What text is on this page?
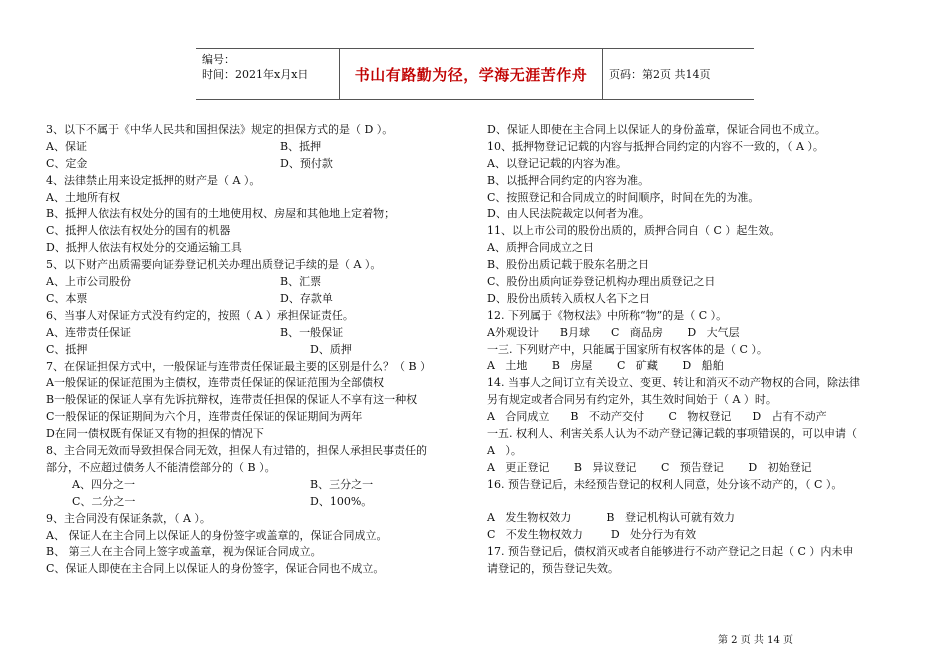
编号：
时间：2021年x月x日	书山有路勤为径，学海无涯苦作舟	页码：第2页 共14页
3、以下不属于《中华人民共和国担保法》规定的担保方式的是（ D ）。
A、保证	B、抵押
C、定金	D、预付款
4、法律禁止用来设定抵押的财产是（ A ）。
A、土地所有权
B、抵押人依法有权处分的国有的土地使用权、房屋和其他地上定着物；
C、抵押人依法有权处分的国有的机器
D、抵押人依法有权处分的交通运输工具
5、以下财产出质需要向证券登记机关办理出质登记手续的是（ A ）。
A、上市公司股份	B、汇票
C、本票	D、存款单
6、当事人对保证方式没有约定的，按照（ A ）承担保证责任。
A、连带责任保证	B、一般保证
C、抵押	D、质押
7、在保证担保方式中，一般保证与连带责任保证最主要的区别是什么？（ B ）
A一般保证的保证范围为主债权，连带责任保证的保证范围为全部债权
B一般保证的保证人享有先诉抗辩权，连带责任担保的保证人不享有这一种权
C一般保证的保证期间为六个月，连带责任保证的保证期间为两年
D在同一债权既有保证又有物的担保的情况下
8、主合同无效而导致担保合同无效，担保人有过错的，担保人承担民事责任的
部分，不应超过债务人不能清偿部分的（ B ）。
A、四分之一	B、三分之一
C、二分之一	D、100%。
9、主合同没有保证条款，（ A ）。
A、 保证人在主合同上以保证人的身份签字或盖章的，保证合同成立。
B、 第三人在主合同上签字或盖章，视为保证合同成立。
C、保证人即使在主合同上以保证人的身份签字，保证合同也不成立。
D、保证人即使在主合同上以保证人的身份盖章，保证合同也不成立。
10、抵押物登记记载的内容与抵押合同约定的内容不一致的，（ A ）。
A、以登记记载的内容为准。
B、以抵押合同约定的内容为准。
C、按照登记和合同成立的时间顺序，时间在先的为准。
D、由人民法院裁定以何者为准。
11、以上市公司的股份出质的，质押合同自（ C ）起生效。
A、质押合同成立之日
B、股份出质记载于股东名册之日
C、股份出质向证券登记机构办理出质登记之日
D、股份出质转入质权人名下之日
12. 下列属于《物权法》中所称“物”的是（ C ）。
A外观设计      B月球      C   商品房       D   大气层
一三. 下列财产中，只能属于国家所有权客体的是（ C ）。
A   土地       B   房屋       C   矿藏       D   船舶
14. 当事人之间订立有关设立、变更、转让和消灭不动产物权的合同，除法律
另有规定或者合同另有约定外，其生效时间始于（ A ）时。
A   合同成立      B   不动产交付       C   物权登记      D   占有不动产
一五. 权利人、利害关系人认为不动产登记簿记载的事项错误的，可以申请（
A   ）。
A   更正登记       B   异议登记       C   预告登记       D   初始登记
16. 预告登记后，未经预告登记的权利人同意，处分该不动产的，（ C ）。
A   发生物权效力          B   登记机构认可就有效力
C   不发生物权效力        D   处分行为有效
17. 预告登记后，债权消灭或者自能够进行不动产登记之日起（ C ）内未申
请登记的，预告登记失效。
第 2 页 共 14 页
